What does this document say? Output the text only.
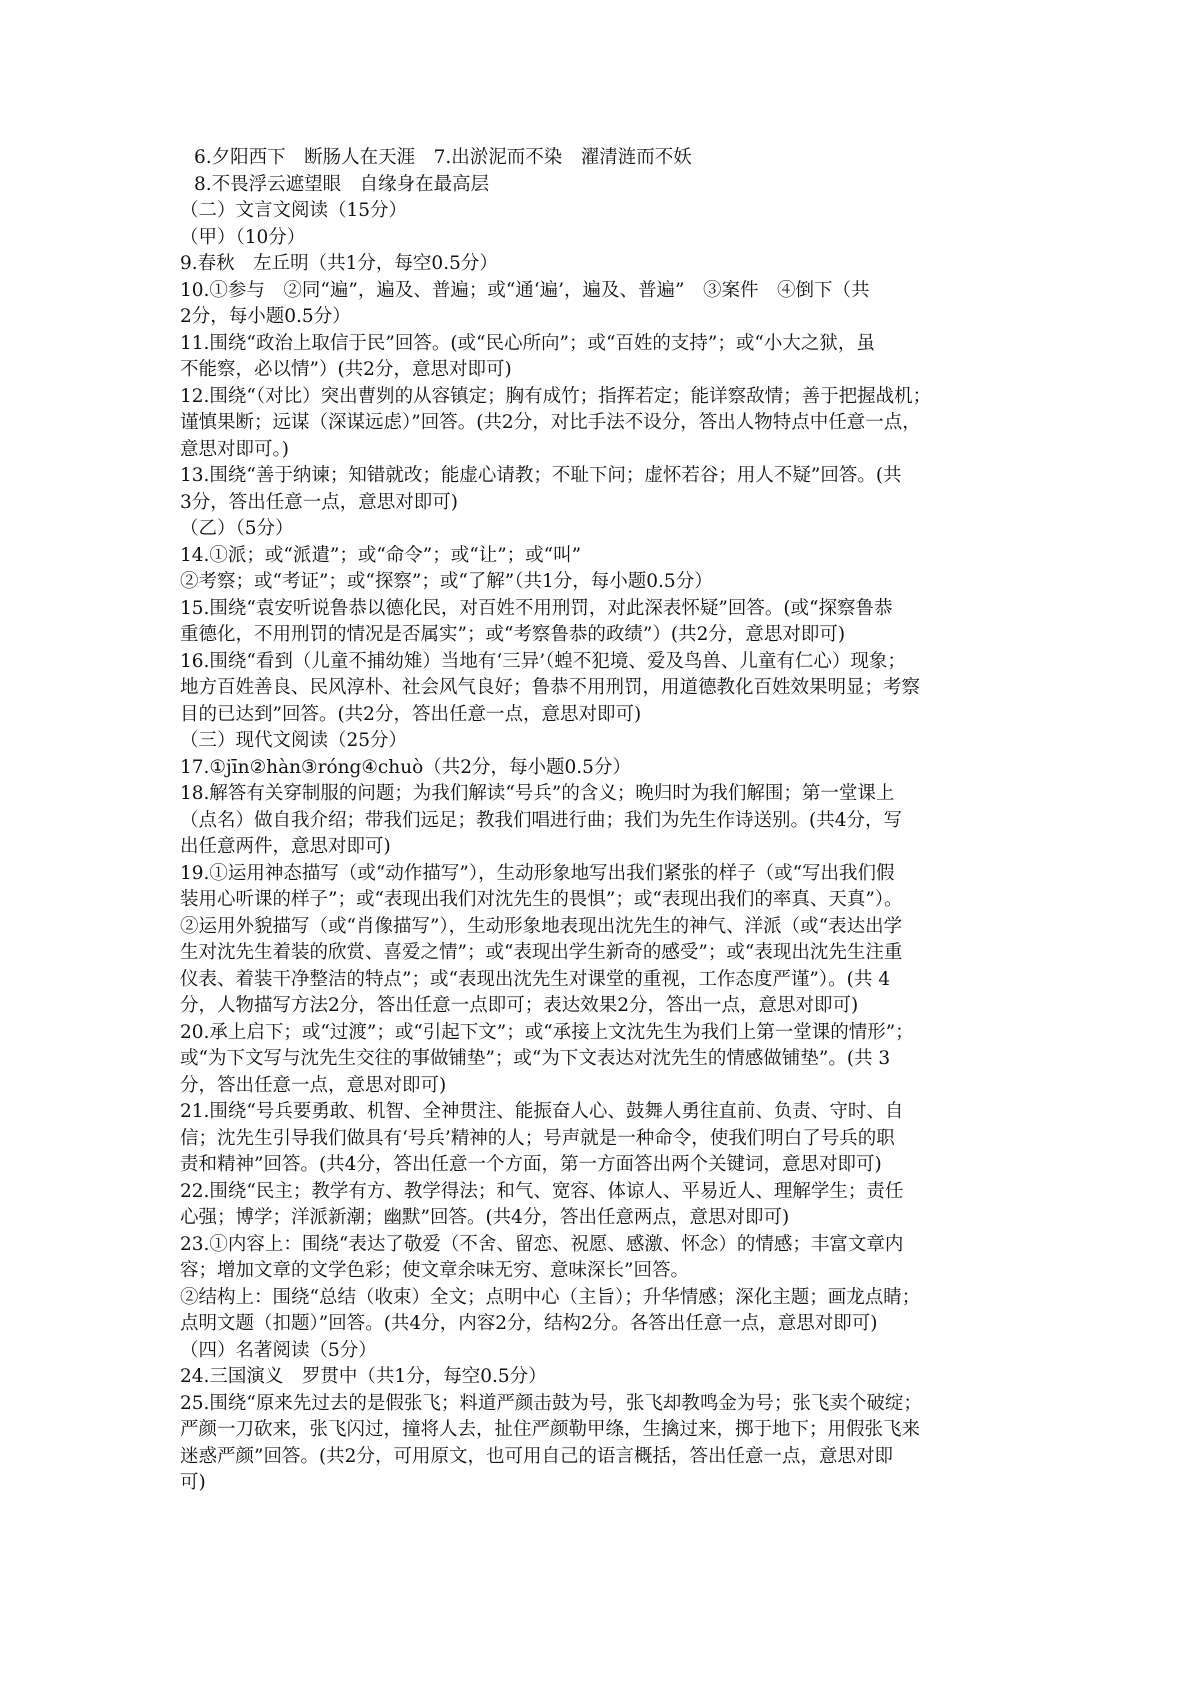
6.夕阳西下　断肠人在天涯　7.出淤泥而不染　濯清涟而不妖
8.不畏浮云遮望眼　自缘身在最高层
（二）文言文阅读（15分）
（甲）（10分）
9.春秋　左丘明（共1分，每空0.5分）
10.①参与　②同“遍”，遍及、普遍；或“通‘遍’，遍及、普遍”　③案件　④倒下（共
2分，每小题0.5分）
11.围绕“政治上取信于民”回答。(或“民心所向”；或“百姓的支持”；或“小大之狱，虽
不能察，必以情”）(共2分，意思对即可)
12.围绕“（对比）突出曹刿的从容镇定；胸有成竹；指挥若定；能详察敌情；善于把握战机；
谨慎果断；远谋（深谋远虑）”回答。(共2分，对比手法不设分，答出人物特点中任意一点，
意思对即可。)
13.围绕“善于纳谏；知错就改；能虚心请教；不耻下问；虚怀若谷；用人不疑”回答。(共
3分，答出任意一点，意思对即可)
（乙）（5分）
14.①派；或“派遣”；或“命令”；或“让”；或“叫”
②考察；或“考证”；或“探察”；或“了解”（共1分，每小题0.5分）
15.围绕“袁安听说鲁恭以德化民，对百姓不用刑罚，对此深表怀疑”回答。(或“探察鲁恭
重德化，不用刑罚的情况是否属实”；或“考察鲁恭的政绩”）(共2分，意思对即可)
16.围绕“看到（儿童不捕幼雉）当地有‘三异’（蝗不犯境、爱及鸟兽、儿童有仁心）现象；
地方百姓善良、民风淳朴、社会风气良好；鲁恭不用刑罚，用道德教化百姓效果明显；考察
目的已达到”回答。(共2分，答出任意一点，意思对即可)
（三）现代文阅读（25分）
17.①jīn②hàn③róng④chuò（共2分，每小题0.5分）
18.解答有关穿制服的问题；为我们解读“号兵”的含义；晚归时为我们解围；第一堂课上
（点名）做自我介绍；带我们远足；教我们唱进行曲；我们为先生作诗送别。(共4分，写
出任意两件，意思对即可)
19.①运用神态描写（或“动作描写”），生动形象地写出我们紧张的样子（或“写出我们假
装用心听课的样子”；或“表现出我们对沈先生的畏惧”；或“表现出我们的率真、天真”）。
②运用外貌描写（或“肖像描写”），生动形象地表现出沈先生的神气、洋派（或“表达出学
生对沈先生着装的欣赏、喜爱之情”；或“表现出学生新奇的感受”；或“表现出沈先生注重
仪表、着装干净整洁的特点”；或“表现出沈先生对课堂的重视，工作态度严谨”）。(共 4
分，人物描写方法2分，答出任意一点即可；表达效果2分，答出一点，意思对即可)
20.承上启下；或“过渡”；或“引起下文”；或“承接上文沈先生为我们上第一堂课的情形”；
或“为下文写与沈先生交往的事做铺垫”；或“为下文表达对沈先生的情感做铺垫”。(共 3
分，答出任意一点，意思对即可)
21.围绕“号兵要勇敢、机智、全神贯注、能振奋人心、鼓舞人勇往直前、负责、守时、自
信；沈先生引导我们做具有‘号兵’精神的人；号声就是一种命令，使我们明白了号兵的职
责和精神”回答。(共4分，答出任意一个方面，第一方面答出两个关键词，意思对即可)
22.围绕“民主；教学有方、教学得法；和气、宽容、体谅人、平易近人、理解学生；责任
心强；博学；洋派新潮；幽默”回答。(共4分，答出任意两点，意思对即可)
23.①内容上：围绕“表达了敬爱（不舍、留恋、祝愿、感激、怀念）的情感；丰富文章内
容；增加文章的文学色彩；使文章余味无穷、意味深长”回答。
②结构上：围绕“总结（收束）全文；点明中心（主旨）；升华情感；深化主题；画龙点睛；
点明文题（扣题）”回答。(共4分，内容2分，结构2分。各答出任意一点，意思对即可)
（四）名著阅读（5分）
24.三国演义　罗贯中（共1分，每空0.5分）
25.围绕“原来先过去的是假张飞；料道严颜击鼓为号，张飞却教鸣金为号；张飞卖个破绽；
严颜一刀砍来，张飞闪过，撞将人去，扯住严颜勒甲绦，生擒过来，掷于地下；用假张飞来
迷惑严颜”回答。(共2分，可用原文，也可用自己的语言概括，答出任意一点，意思对即
可)
